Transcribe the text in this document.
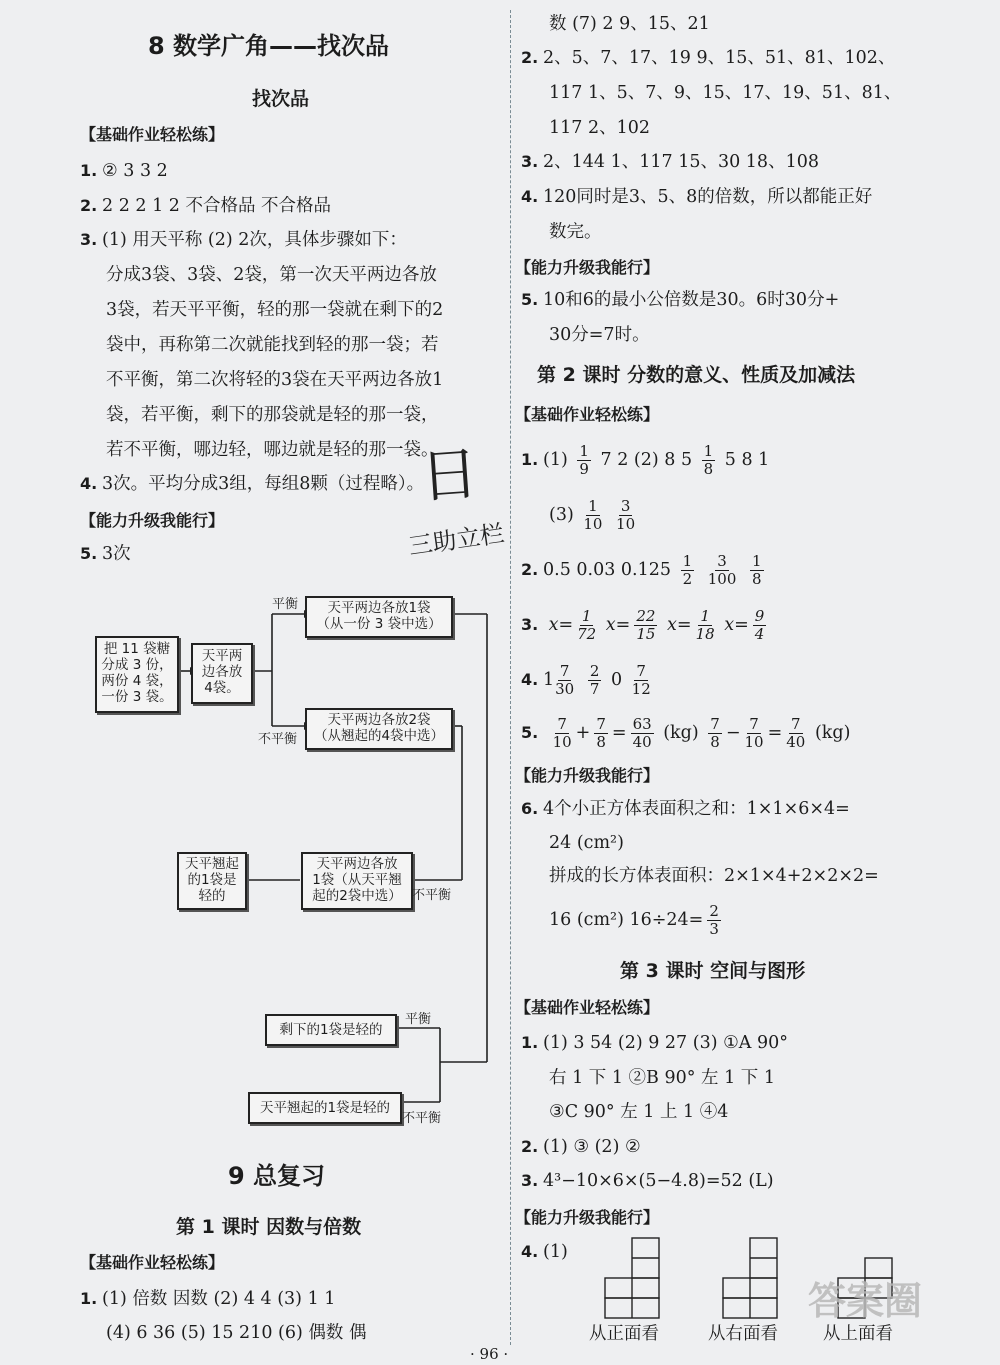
8 数学广角——找次品
找次品
【基础作业轻松练】
1. ② 3 3 2
2. 2 2 2 1 2 不合格品 不合格品
3. (1) 用天平称 (2) 2次，具体步骤如下：
分成3袋、3袋、2袋，第一次天平两边各放
3袋，若天平平衡，轻的那一袋就在剩下的2
袋中，再称第二次就能找到轻的那一袋；若
不平衡，第二次将轻的3袋在天平两边各放1
袋，若平衡，剩下的那袋就是轻的那一袋，
若不平衡，哪边轻，哪边就是轻的那一袋。
4. 3次。平均分成3组，每组8颗（过程略）。
日
三助立栏
【能力升级我能行】
5. 3次
把 11 袋糖
分成 3 份，
两份 4 袋，
一份 3 袋。
天平两
边各放
4袋。
天平两边各放1袋
（从一份 3 袋中选）
天平两边各放2袋
（从翘起的4袋中选）
天平两边各放
1袋（从天平翘
起的2袋中选）
天平翘起
的1袋是
轻的
剩下的1袋是轻的
天平翘起的1袋是轻的
平衡
不平衡
不平衡
平衡
不平衡
9 总复习
第 1 课时 因数与倍数
【基础作业轻松练】
1. (1) 倍数 因数 (2) 4 4 (3) 1 1
(4) 6 36 (5) 15 210 (6) 偶数 偶
数 (7) 2 9、15、21
2. 2、5、7、17、19 9、15、51、81、102、
117 1、5、7、9、15、17、19、51、81、
117 2、102
3. 2、144 1、117 15、30 18、108
4. 120同时是3、5、8的倍数，所以都能正好
数完。
【能力升级我能行】
5. 10和6的最小公倍数是30。6时30分+
30分=7时。
第 2 课时 分数的意义、性质及加减法
【基础作业轻松练】
1. $(1) \frac{1}{9} 7$ 2 (2) 8 $5 \frac{1}{8} 5$ 8 1
$(3) \frac{1}{10}$
$\frac{3}{10}$
2. 0.5 0.03 $0.125 \frac{1}{2}$
$\frac{3}{100}$
$\frac{1}{8}$
3. $x= \frac{1}{72} x= \frac{22}{15} x= \frac{1}{18} x= \frac{9}{4}$
4. $1 \frac{7}{30}$
$\frac{2}{7} 0 \frac{7}{12}$
5. $\frac{7}{10} + \frac{7}{8} = \frac{63}{40} (kg) \frac{7}{8} - \frac{7}{10} = \frac{7}{40} (kg)$
【能力升级我能行】
6. 4个小正方体表面积之和：1×1×6×4=
24 (cm²)
拼成的长方体表面积：2×1×4+2×2×2=
16 (cm²) $16\div 24= \frac{2}{3}$
第 3 课时 空间与图形
【基础作业轻松练】
1. (1) 3 54 (2) 9 27 (3) ①A 90°
右 1 下 1 ②B 90° 左 1 下 1
③C 90° 左 1 上 1 ④4
2. (1) ③ (2) ②
3. 4³−10×6×(5−4.8)=52 (L)
【能力升级我能行】
4. (1)
从正面看	从右面看	从上面看
答案圈
· 96 ·
